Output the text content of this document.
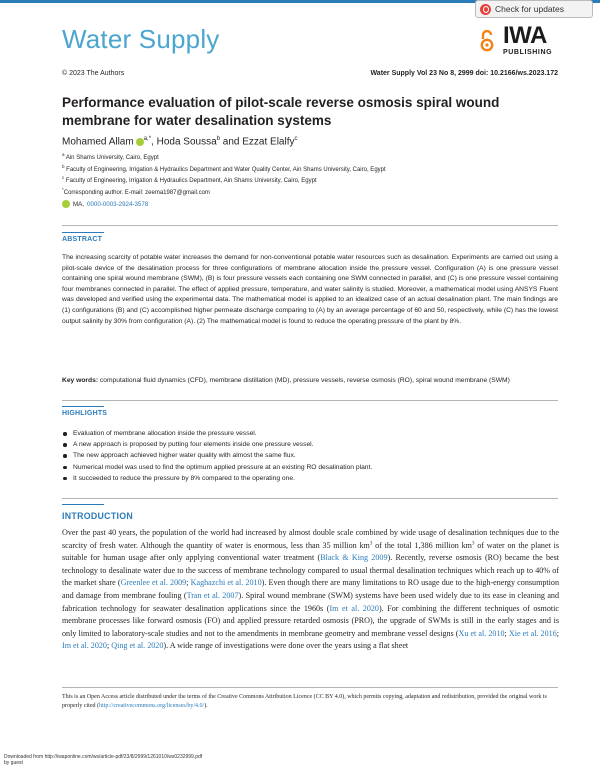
Water Supply
Check for updates
IWA
PUBLISHING
© 2023 The Authors	Water Supply Vol 23 No 8, 2999 doi: 10.2166/ws.2023.172
Performance evaluation of pilot-scale reverse osmosis spiral wound membrane for water desalination systems
Mohamed Allam $^{a,*}$, Hoda Soussa$^b$ and Ezzat Elalfy$^c$
$^a$ Ain Shams University, Cairo, Egypt
$^b$ Faculty of Engineering, Irrigation & Hydraulics Department and Water Quality Center, Ain Shams University, Cairo, Egypt
$^c$ Faculty of Engineering, Irrigation & Hydraulics Department, Ain Shams University, Cairo, Egypt
*Corresponding author. E-mail: zeema1987@gmail.com
MA, 0000-0003-2924-3578
ABSTRACT
The increasing scarcity of potable water increases the demand for non-conventional potable water resources such as desalination. Experiments are carried out using a pilot-scale device of the desalination process for three configurations of membrane allocation inside the pressure vessel. Configuration (A) is one pressure vessel containing one spiral wound membrane (SWM), (B) is four pressure vessels each containing one SWM connected in parallel, and (C) is one pressure vessel containing four membranes connected in parallel. The effect of applied pressure, temperature, and water salinity is studied. Moreover, a mathematical model using ANSYS Fluent was developed and verified using the experimental data. The mathematical model is applied to an idealized case of an actual desalination plant. The main findings are (1) configurations (B) and (C) accomplished higher permeate discharge comparing to (A) by an average percentage of 60 and 50, respectively, while (C) has the lowest output salinity by 30% from configuration (A). (2) The mathematical model is found to reduce the operating pressure of the plant by 8%.
Key words: computational fluid dynamics (CFD), membrane distillation (MD), pressure vessels, reverse osmosis (RO), spiral wound membrane (SWM)
HIGHLIGHTS
Evaluation of membrane allocation inside the pressure vessel.
A new approach is proposed by putting four elements inside one pressure vessel.
The new approach achieved higher water quality with almost the same flux.
Numerical model was used to find the optimum applied pressure at an existing RO desalination plant.
It succeeded to reduce the pressure by 8% compared to the operating one.
INTRODUCTION
Over the past 40 years, the population of the world had increased by almost double scale combined by wide usage of desalination techniques due to the scarcity of fresh water. Although the quantity of water is enormous, less than 35 million $km^3$ of the total 1,386 million $km^3$ of water on the planet is suitable for human usage after only applying conventional water treatment (Black & King 2009). Recently, reverse osmosis (RO) became the best technology to desalinate water due to the success of membrane technology compared to usual thermal desalination techniques which reach up to 40% of the market share (Greenlee et al. 2009; Kaghazchi et al. 2010). Even though there are many limitations to RO usage due to the high-energy consumption and damage from membrane fouling (Tran et al. 2007). Spiral wound membrane (SWM) systems have been used widely due to its ease in cleaning and fabrication technology for seawater desalination applications since the 1960s (Im et al. 2020). For combining the different techniques of osmotic membrane processes like forward osmosis (FO) and applied pressure retarded osmosis (PRO), the upgrade of SWMs is still in the early stages and is only limited to laboratory-scale studies and not to the amendments in membrane geometry and membrane vessel designs (Xu et al. 2010; Xie et al. 2016; Im et al. 2020; Qing et al. 2020). A wide range of investigations were done over the years using a flat sheet
This is an Open Access article distributed under the terms of the Creative Commons Attribution Licence (CC BY 4.0), which permits copying, adaptation and redistribution, provided the original work is properly cited (http://creativecommons.org/licenses/by/4.0/).
Downloaded from http://iwaponline.com/ws/article-pdf/23/8/2999/1261010/ws0232999.pdf
by guest
